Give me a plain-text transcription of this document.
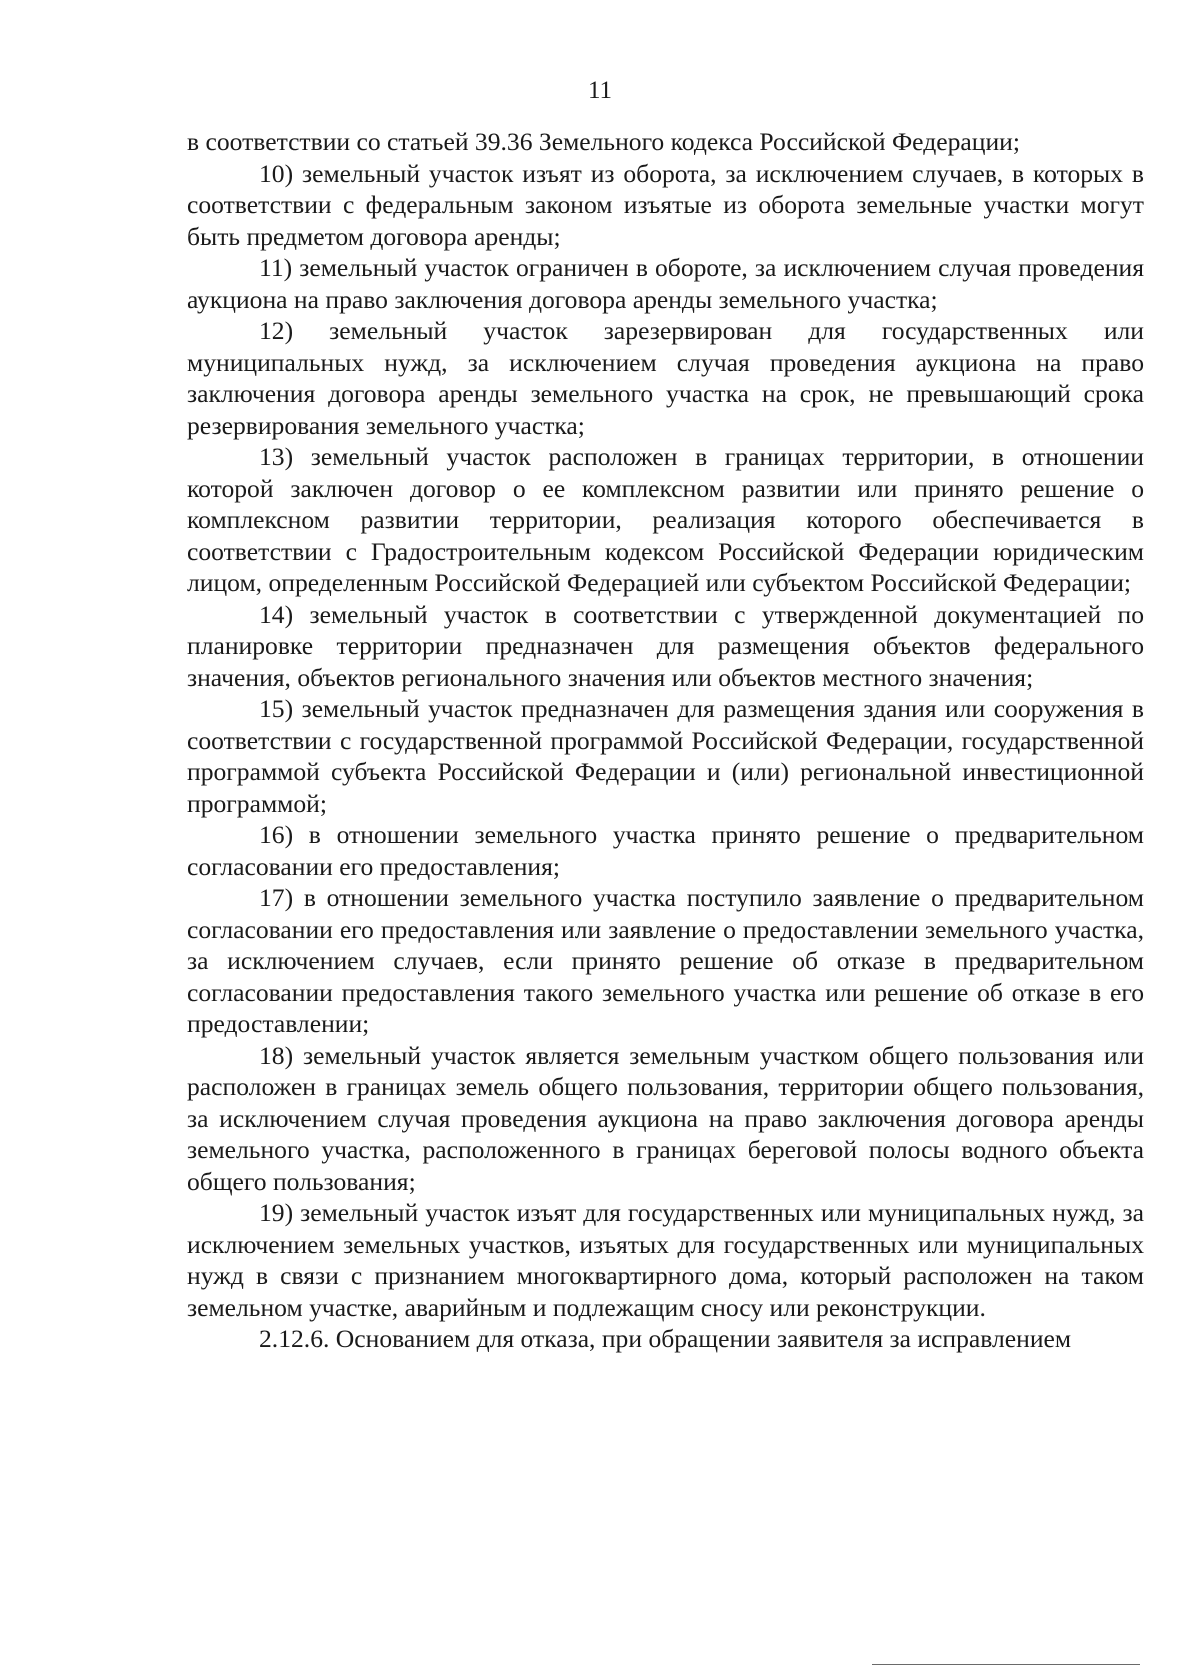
11

в соответствии со статьей 39.36 Земельного кодекса Российской Федерации;

10) земельный участок изъят из оборота, за исключением случаев, в которых в соответствии с федеральным законом изъятые из оборота земельные участки могут быть предметом договора аренды;

11) земельный участок ограничен в обороте, за исключением случая проведения аукциона на право заключения договора аренды земельного участка;

12) земельный участок зарезервирован для государственных или муниципальных нужд, за исключением случая проведения аукциона на право заключения договора аренды земельного участка на срок, не превышающий срока резервирования земельного участка;

13) земельный участок расположен в границах территории, в отношении которой заключен договор о ее комплексном развитии или принято решение о комплексном развитии территории, реализация которого обеспечивается в соответствии с Градостроительным кодексом Российской Федерации юридическим лицом, определенным Российской Федерацией или субъектом Российской Федерации;

14) земельный участок в соответствии с утвержденной документацией по планировке территории предназначен для размещения объектов федерального значения, объектов регионального значения или объектов местного значения;

15) земельный участок предназначен для размещения здания или сооружения в соответствии с государственной программой Российской Федерации, государственной программой субъекта Российской Федерации и (или) региональной инвестиционной программой;

16) в отношении земельного участка принято решение о предварительном согласовании его предоставления;

17) в отношении земельного участка поступило заявление о предварительном согласовании его предоставления или заявление о предоставлении земельного участка, за исключением случаев, если принято решение об отказе в предварительном согласовании предоставления такого земельного участка или решение об отказе в его предоставлении;

18) земельный участок является земельным участком общего пользования или расположен в границах земель общего пользования, территории общего пользования, за исключением случая проведения аукциона на право заключения договора аренды земельного участка, расположенного в границах береговой полосы водного объекта общего пользования;

19) земельный участок изъят для государственных или муниципальных нужд, за исключением земельных участков, изъятых для государственных или муниципальных нужд в связи с признанием многоквартирного дома, который расположен на таком земельном участке, аварийным и подлежащим сносу или реконструкции.

2.12.6. Основанием для отказа, при обращении заявителя за исправлением
